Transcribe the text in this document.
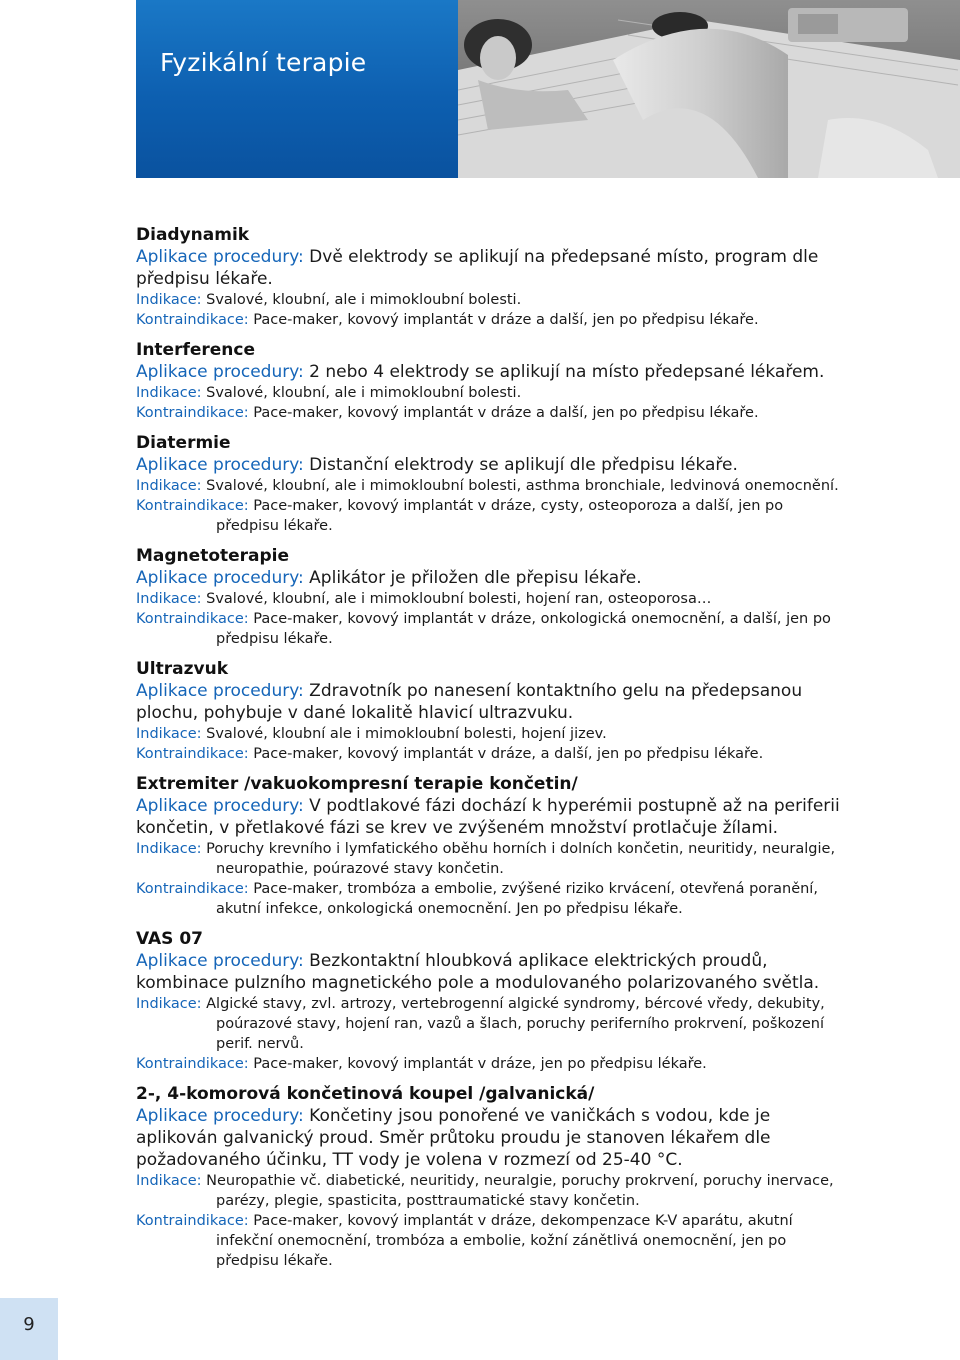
Fyzikální terapie
Diadynamik
Aplikace procedury: Dvě elektrody se aplikují na předepsané místo, program dle předpisu lékaře.
Indikace: Svalové, kloubní, ale i mimokloubní bolesti.
Kontraindikace: Pace-maker, kovový implantát v dráze a další, jen po předpisu lékaře.
Interference
Aplikace procedury: 2 nebo 4 elektrody se aplikují na místo předepsané lékařem.
Indikace: Svalové, kloubní, ale i mimokloubní bolesti.
Kontraindikace: Pace-maker, kovový implantát v dráze a další, jen po předpisu lékaře.
Diatermie
Aplikace procedury: Distanční elektrody se aplikují dle předpisu lékaře.
Indikace: Svalové, kloubní, ale i mimokloubní bolesti, asthma bronchiale, ledvinová onemocnění.
Kontraindikace: Pace-maker, kovový implantát v dráze, cysty, osteoporoza a další, jen po předpisu lékaře.
Magnetoterapie
Aplikace procedury: Aplikátor je přiložen dle přepisu lékaře.
Indikace: Svalové, kloubní, ale i mimokloubní bolesti, hojení ran, osteoporosa…
Kontraindikace: Pace-maker, kovový implantát v dráze, onkologická onemocnění, a další, jen po předpisu lékaře.
Ultrazvuk
Aplikace procedury: Zdravotník po nanesení kontaktního gelu na předepsanou plochu, pohybuje v dané lokalitě hlavicí ultrazvuku.
Indikace: Svalové, kloubní ale i mimokloubní bolesti, hojení jizev.
Kontraindikace: Pace-maker, kovový implantát v dráze, a další, jen po předpisu lékaře.
Extremiter /vakuokompresní terapie končetin/
Aplikace procedury: V podtlakové fázi dochází k hyperémii postupně až na periferii končetin, v přetlakové fázi se krev ve zvýšeném množství protlačuje žílami.
Indikace: Poruchy krevního i lymfatického oběhu horních i dolních končetin, neuritidy, neuralgie, neuropathie, poúrazové stavy končetin.
Kontraindikace: Pace-maker, trombóza a embolie, zvýšené riziko krvácení, otevřená poranění, akutní infekce, onkologická onemocnění. Jen po předpisu lékaře.
VAS 07
Aplikace procedury: Bezkontaktní hloubková aplikace elektrických proudů, kombinace pulzního magnetického pole a modulovaného polarizovaného světla.
Indikace: Algické stavy, zvl. artrozy, vertebrogenní algické syndromy, bércové vředy, dekubity, poúrazové stavy, hojení ran, vazů a šlach, poruchy periferního prokrvení, poškození perif. nervů.
Kontraindikace: Pace-maker, kovový implantát v dráze, jen po předpisu lékaře.
2-, 4-komorová končetinová koupel /galvanická/
Aplikace procedury: Končetiny jsou ponořené ve vaničkách s vodou, kde je aplikován galvanický proud. Směr průtoku proudu je stanoven lékařem dle požadovaného účinku, TT vody je volena v rozmezí od 25-40 °C.
Indikace: Neuropathie vč. diabetické, neuritidy, neuralgie, poruchy prokrvení, poruchy inervace, parézy, plegie, spasticita, posttraumatické stavy končetin.
Kontraindikace: Pace-maker, kovový implantát v dráze, dekompenzace K-V aparátu, akutní infekční onemocnění, trombóza a embolie, kožní zánětlivá onemocnění, jen po předpisu lékaře.
9
